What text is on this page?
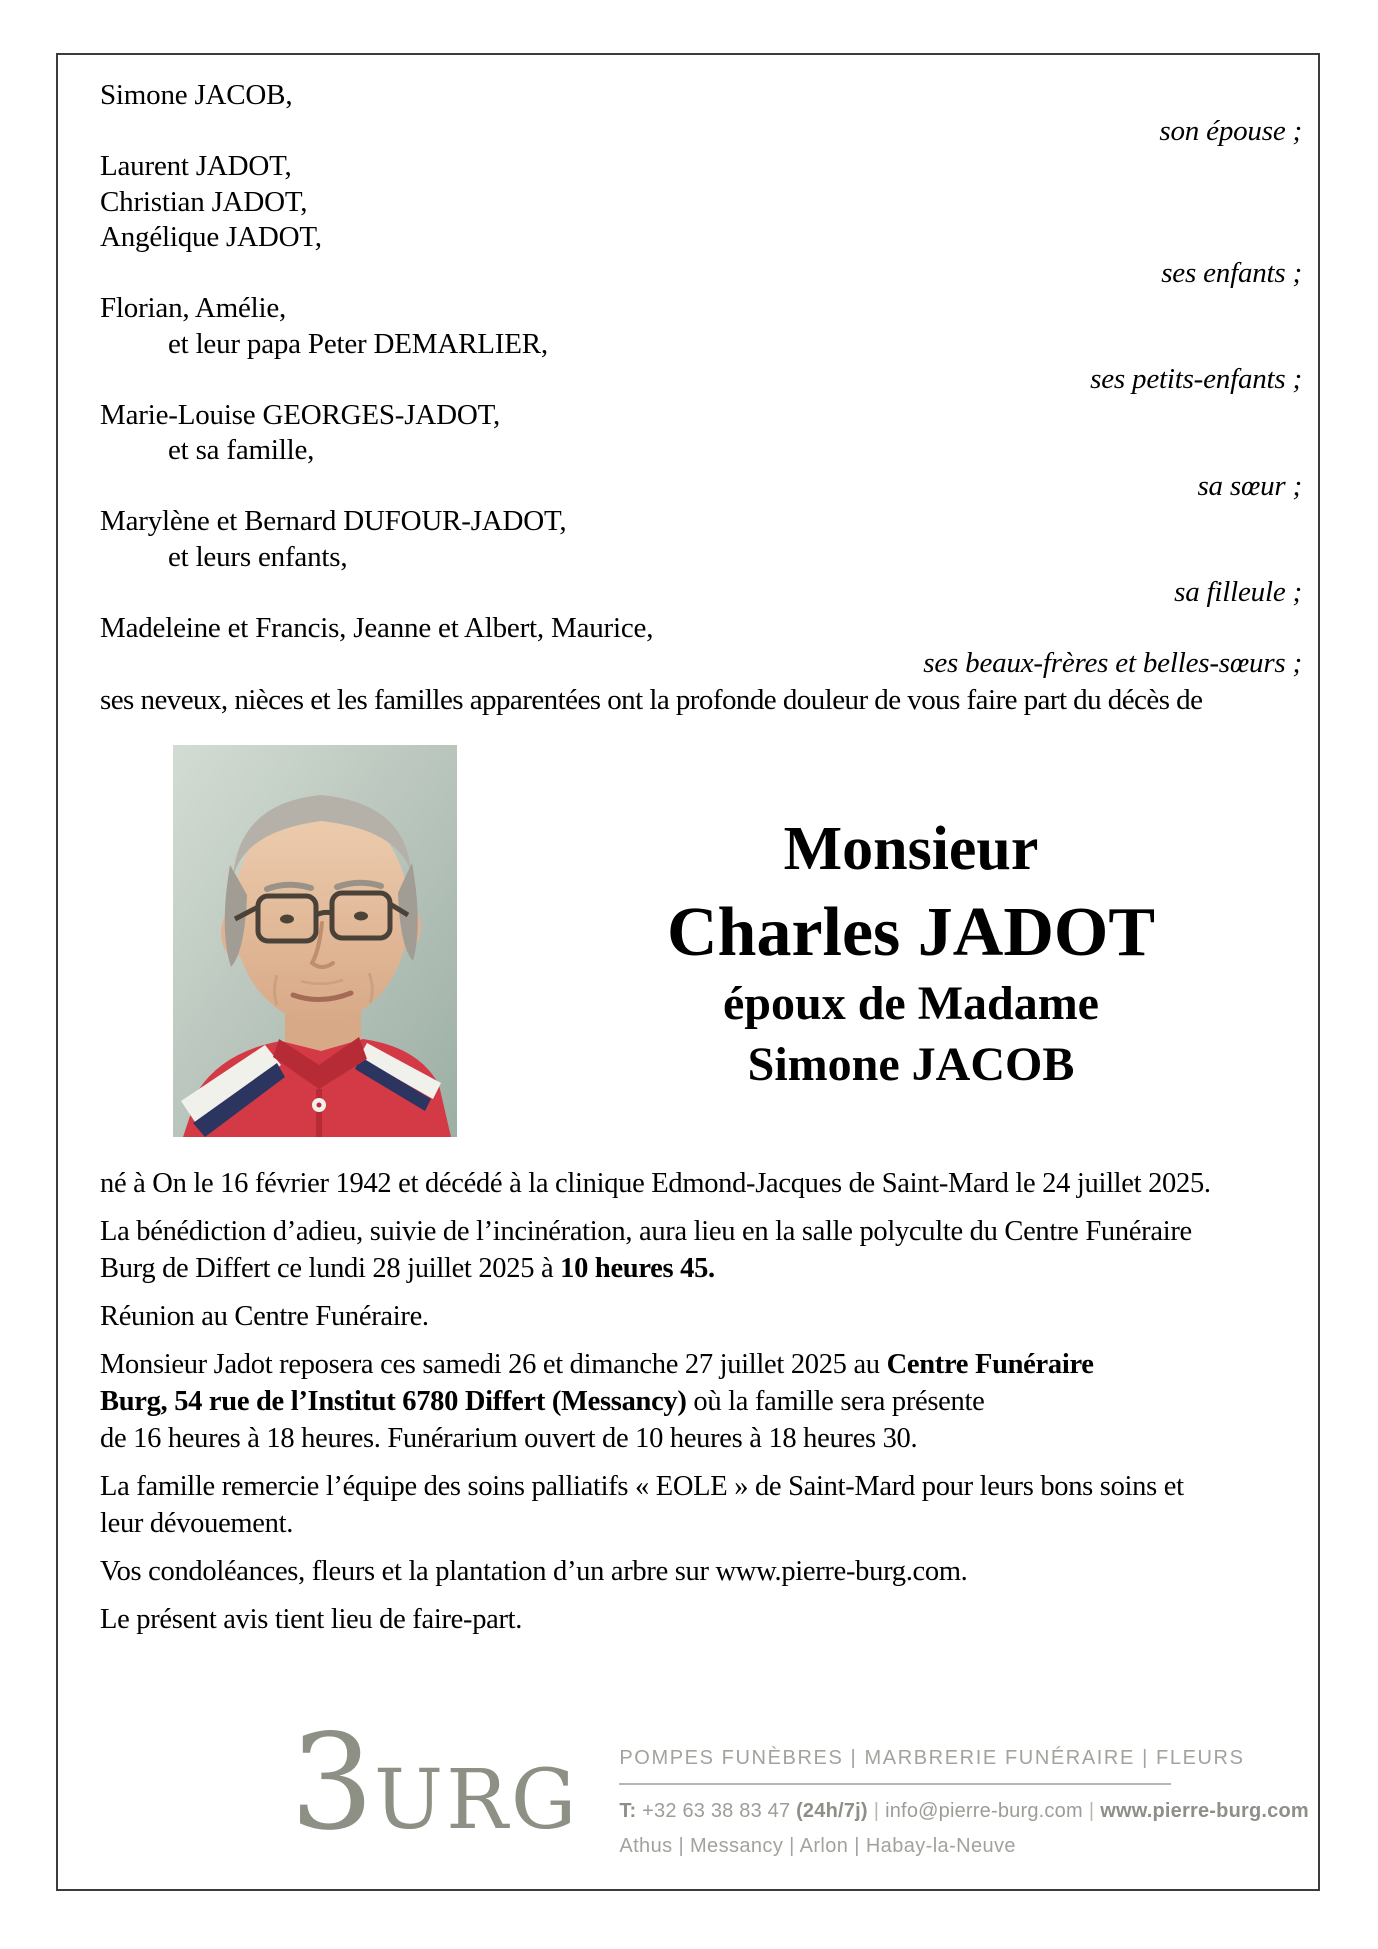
Simone JACOB,
son épouse ;
Laurent JADOT,
Christian JADOT,
Angélique JADOT,
ses enfants ;
Florian, Amélie,
et leur papa Peter DEMARLIER,
ses petits-enfants ;
Marie-Louise GEORGES-JADOT,
et sa famille,
sa sœur ;
Marylène et Bernard DUFOUR-JADOT,
et leurs enfants,
sa filleule ;
Madeleine et Francis, Jeanne et Albert, Maurice,
ses beaux-frères et belles-sœurs ;
ses neveux, nièces et les familles apparentées ont la profonde douleur de vous faire part du décès de
Monsieur
Charles JADOT
époux de Madame
Simone JACOB

né à On le 16 février 1942 et décédé à la clinique Edmond-Jacques de Saint-Mard le 24 juillet 2025.

La bénédiction d’adieu, suivie de l’incinération, aura lieu en la salle polyculte du Centre Funéraire
Burg de Differt ce lundi 28 juillet 2025 à 10 heures 45.

Réunion au Centre Funéraire.

Monsieur Jadot reposera ces samedi 26 et dimanche 27 juillet 2025 au Centre Funéraire
Burg, 54 rue de l’Institut 6780 Differt (Messancy) où la famille sera présente
de 16 heures à 18 heures. Funérarium ouvert de 10 heures à 18 heures 30.

La famille remercie l’équipe des soins palliatifs « EOLE » de Saint-Mard pour leurs bons soins et
leur dévouement.

Vos condoléances, fleurs et la plantation d’un arbre sur www.pierre-burg.com.

Le présent avis tient lieu de faire-part.

3 URG POMPES FUNÈBRES | MARBRERIE FUNÉRAIRE | FLEURS
T: +32 63 38 83 47 (24h/7j) | info@pierre-burg.com | www.pierre-burg.com
Athus | Messancy | Arlon | Habay-la-Neuve
